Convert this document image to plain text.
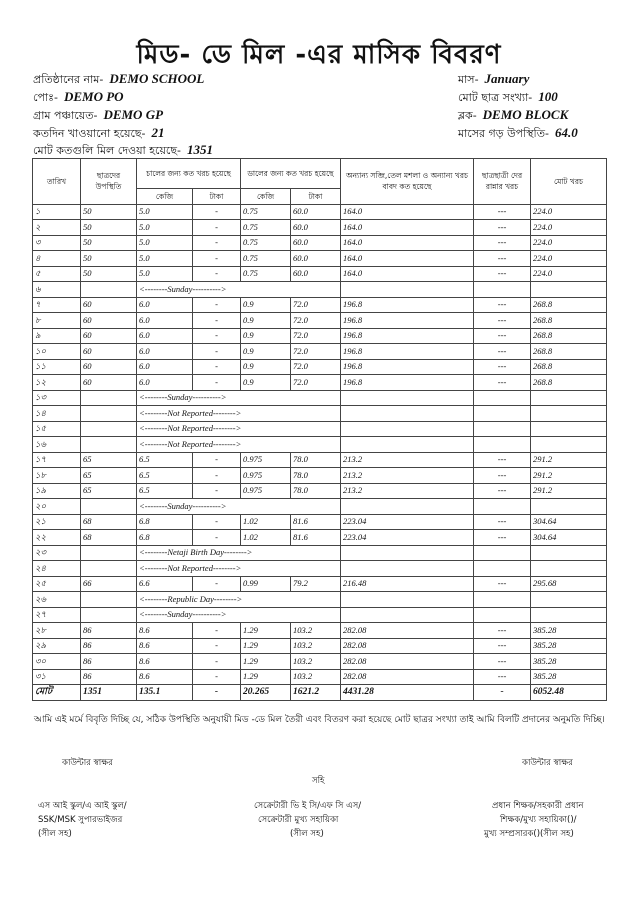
মিড- ডে মিল -এর মাসিক বিবরণ
প্রতিষ্ঠানের নাম- DEMO SCHOOL	মাস- January
পোঃ- DEMO PO	মোট ছাত্র সংখ্যা- 100
গ্রাম পঞ্চায়েত- DEMO GP	ব্লক- DEMO BLOCK
কতদিন খাওয়ানো হয়েছে- 21	মাসের গড় উপস্থিতি- 64.0
মোট কতগুলি মিল দেওয়া হয়েছে- 1351
তারিখ	ছাত্রদের উপস্থিতি	চালের জন্য কত খরচ হয়েছে		ডালের জন্য কত খরচ হয়েছে		অন্যান্য সব্জি,তেল মশলা ও অন্যান্য খরচ বাবদ কত হয়েছে	ছাত্রছাত্রী দের রান্নার খরচ	মোট খরচ
		কেজি	টাকা	কেজি	টাকা			
১	50	5.0	-	0.75	60.0	164.0	---	224.0
২	50	5.0	-	0.75	60.0	164.0	---	224.0
৩	50	5.0	-	0.75	60.0	164.0	---	224.0
৪	50	5.0	-	0.75	60.0	164.0	---	224.0
৫	50	5.0	-	0.75	60.0	164.0	---	224.0
৬		<--------Sunday---------->						
৭	60	6.0	-	0.9	72.0	196.8	---	268.8
৮	60	6.0	-	0.9	72.0	196.8	---	268.8
৯	60	6.0	-	0.9	72.0	196.8	---	268.8
১০	60	6.0	-	0.9	72.0	196.8	---	268.8
১১	60	6.0	-	0.9	72.0	196.8	---	268.8
১২	60	6.0	-	0.9	72.0	196.8	---	268.8
১৩		<--------Sunday---------->						
১৪		<--------Not Reported-------->						
১৫		<--------Not Reported-------->						
১৬		<--------Not Reported-------->						
১৭	65	6.5	-	0.975	78.0	213.2	---	291.2
১৮	65	6.5	-	0.975	78.0	213.2	---	291.2
১৯	65	6.5	-	0.975	78.0	213.2	---	291.2
২০		<--------Sunday---------->						
২১	68	6.8	-	1.02	81.6	223.04	---	304.64
২২	68	6.8	-	1.02	81.6	223.04	---	304.64
২৩		<--------Netaji Birth Day-------->						
২৪		<--------Not Reported-------->						
২৫	66	6.6	-	0.99	79.2	216.48	---	295.68
২৬		<--------Republic Day-------->						
২৭		<--------Sunday---------->						
২৮	86	8.6	-	1.29	103.2	282.08	---	385.28
২৯	86	8.6	-	1.29	103.2	282.08	---	385.28
৩০	86	8.6	-	1.29	103.2	282.08	---	385.28
৩১	86	8.6	-	1.29	103.2	282.08	---	385.28
মোট	1351	135.1	-	20.265	1621.2	4431.28	-	6052.48
আমি এই মর্মে বিবৃতি দিচ্ছি যে, সঠিক উপস্থিতি অনুযায়ী মিড -ডে মিল তৈরী এবং বিতরণ করা হয়েছে মোট ছাত্রর সংখ্যা তাই আমি বিলটি প্রদানের অনুমতি দিচ্ছি।
কাউন্টার স্বাক্ষর	কাউন্টার স্বাক্ষর
সহি
এস আই স্কুল/এ আই স্কুল/
SSK/MSK সুপারভাইজর
(সীল সহ)
সেক্রেটারী ভি ই সি/এফ সি এস/
সেক্রেটারী মুখ্য সহায়িকা
(সীল সহ)
প্রধান শিক্ষক/সহকারী প্রধান
শিক্ষক/মুখ্য সহায়িকা()/
মুখ্য সম্প্রসারক()(সীল সহ)
